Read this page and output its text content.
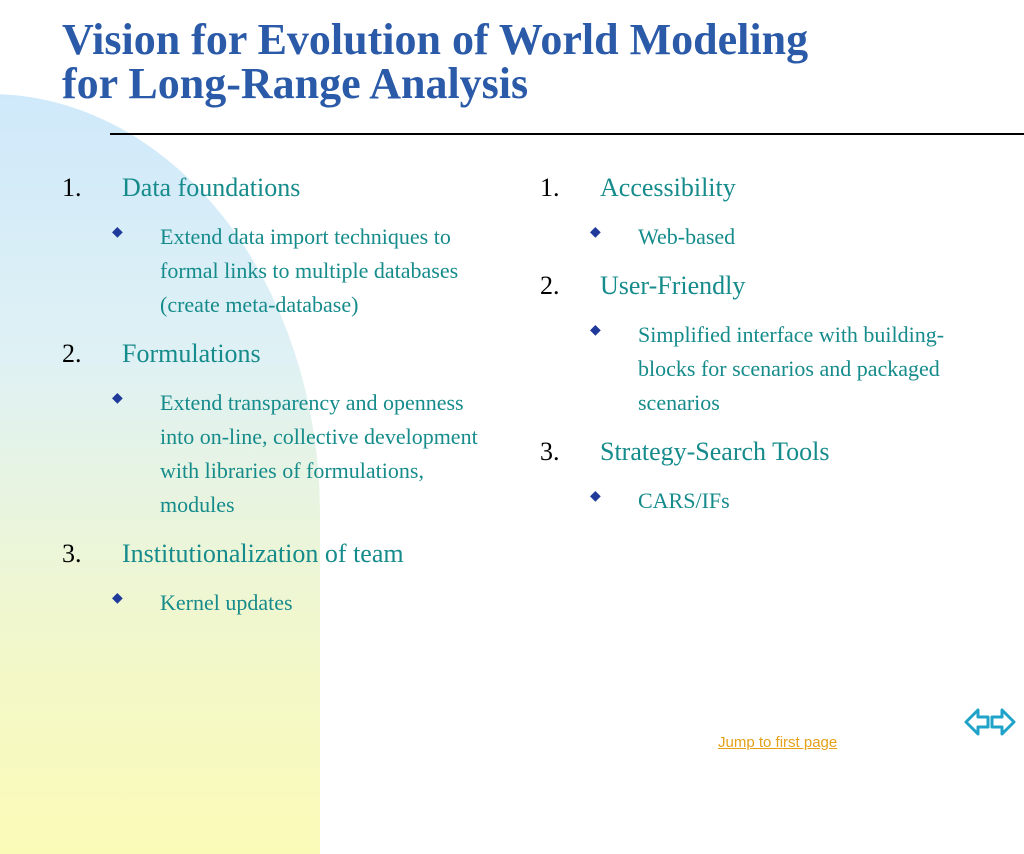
Vision for Evolution of World Modeling
for Long-Range Analysis
1.	Data foundations
◆	Extend data import techniques to formal links to multiple databases (create meta-database)
2.	Formulations
◆	Extend transparency and openness into on-line, collective development with libraries of formulations, modules
3.	Institutionalization of team
◆	Kernel updates
1.	Accessibility
◆	Web-based
2.	User-Friendly
◆	Simplified interface with building-blocks for scenarios and packaged scenarios
3.	Strategy-Search Tools
◆	CARS/IFs
Jump to first page
